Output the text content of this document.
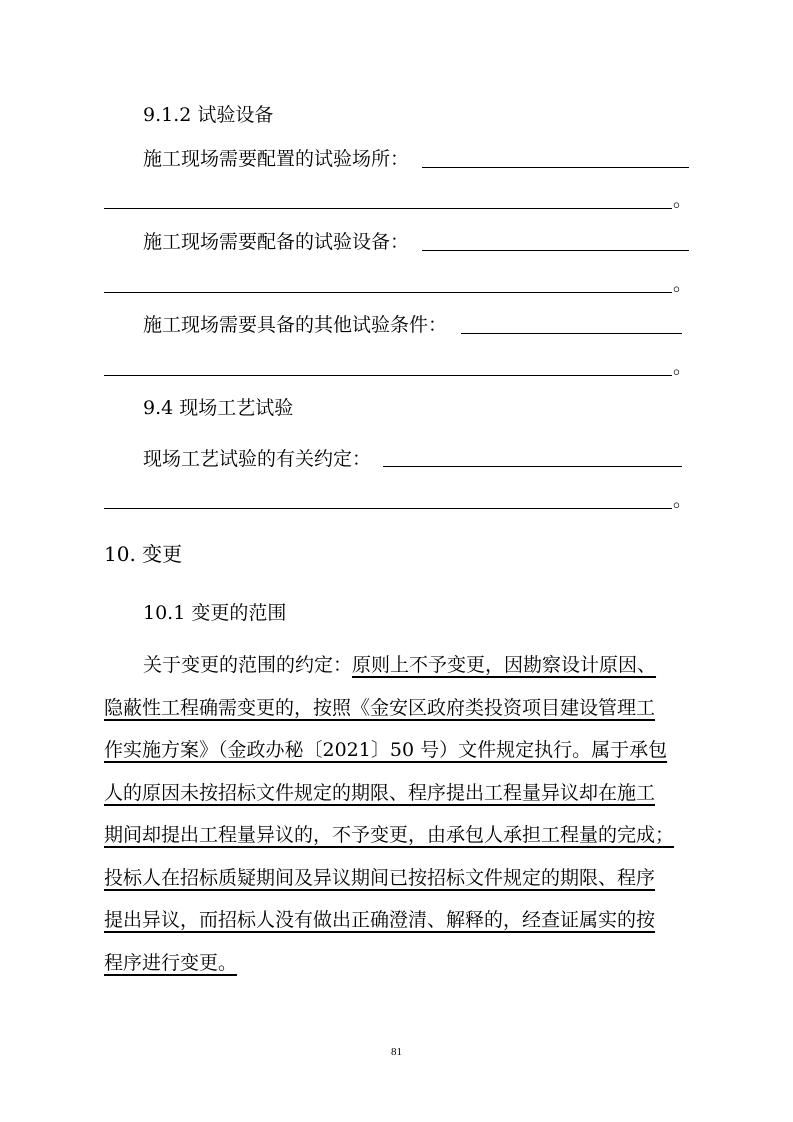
9.1.2 试验设备
施工现场需要配置的试验场所：
。
施工现场需要配备的试验设备：
。
施工现场需要具备的其他试验条件：
。
9.4 现场工艺试验
现场工艺试验的有关约定：
。
10. 变更
10.1 变更的范围
关于变更的范围的约定：原则上不予变更，因勘察设计原因、
隐蔽性工程确需变更的，按照《金安区政府类投资项目建设管理工
作实施方案》（金政办秘〔2021〕50 号）文件规定执行。属于承包
人的原因未按招标文件规定的期限、程序提出工程量异议却在施工
期间却提出工程量异议的，不予变更，由承包人承担工程量的完成；
投标人在招标质疑期间及异议期间已按招标文件规定的期限、程序
提出异议，而招标人没有做出正确澄清、解释的，经查证属实的按
程序进行变更。
81
